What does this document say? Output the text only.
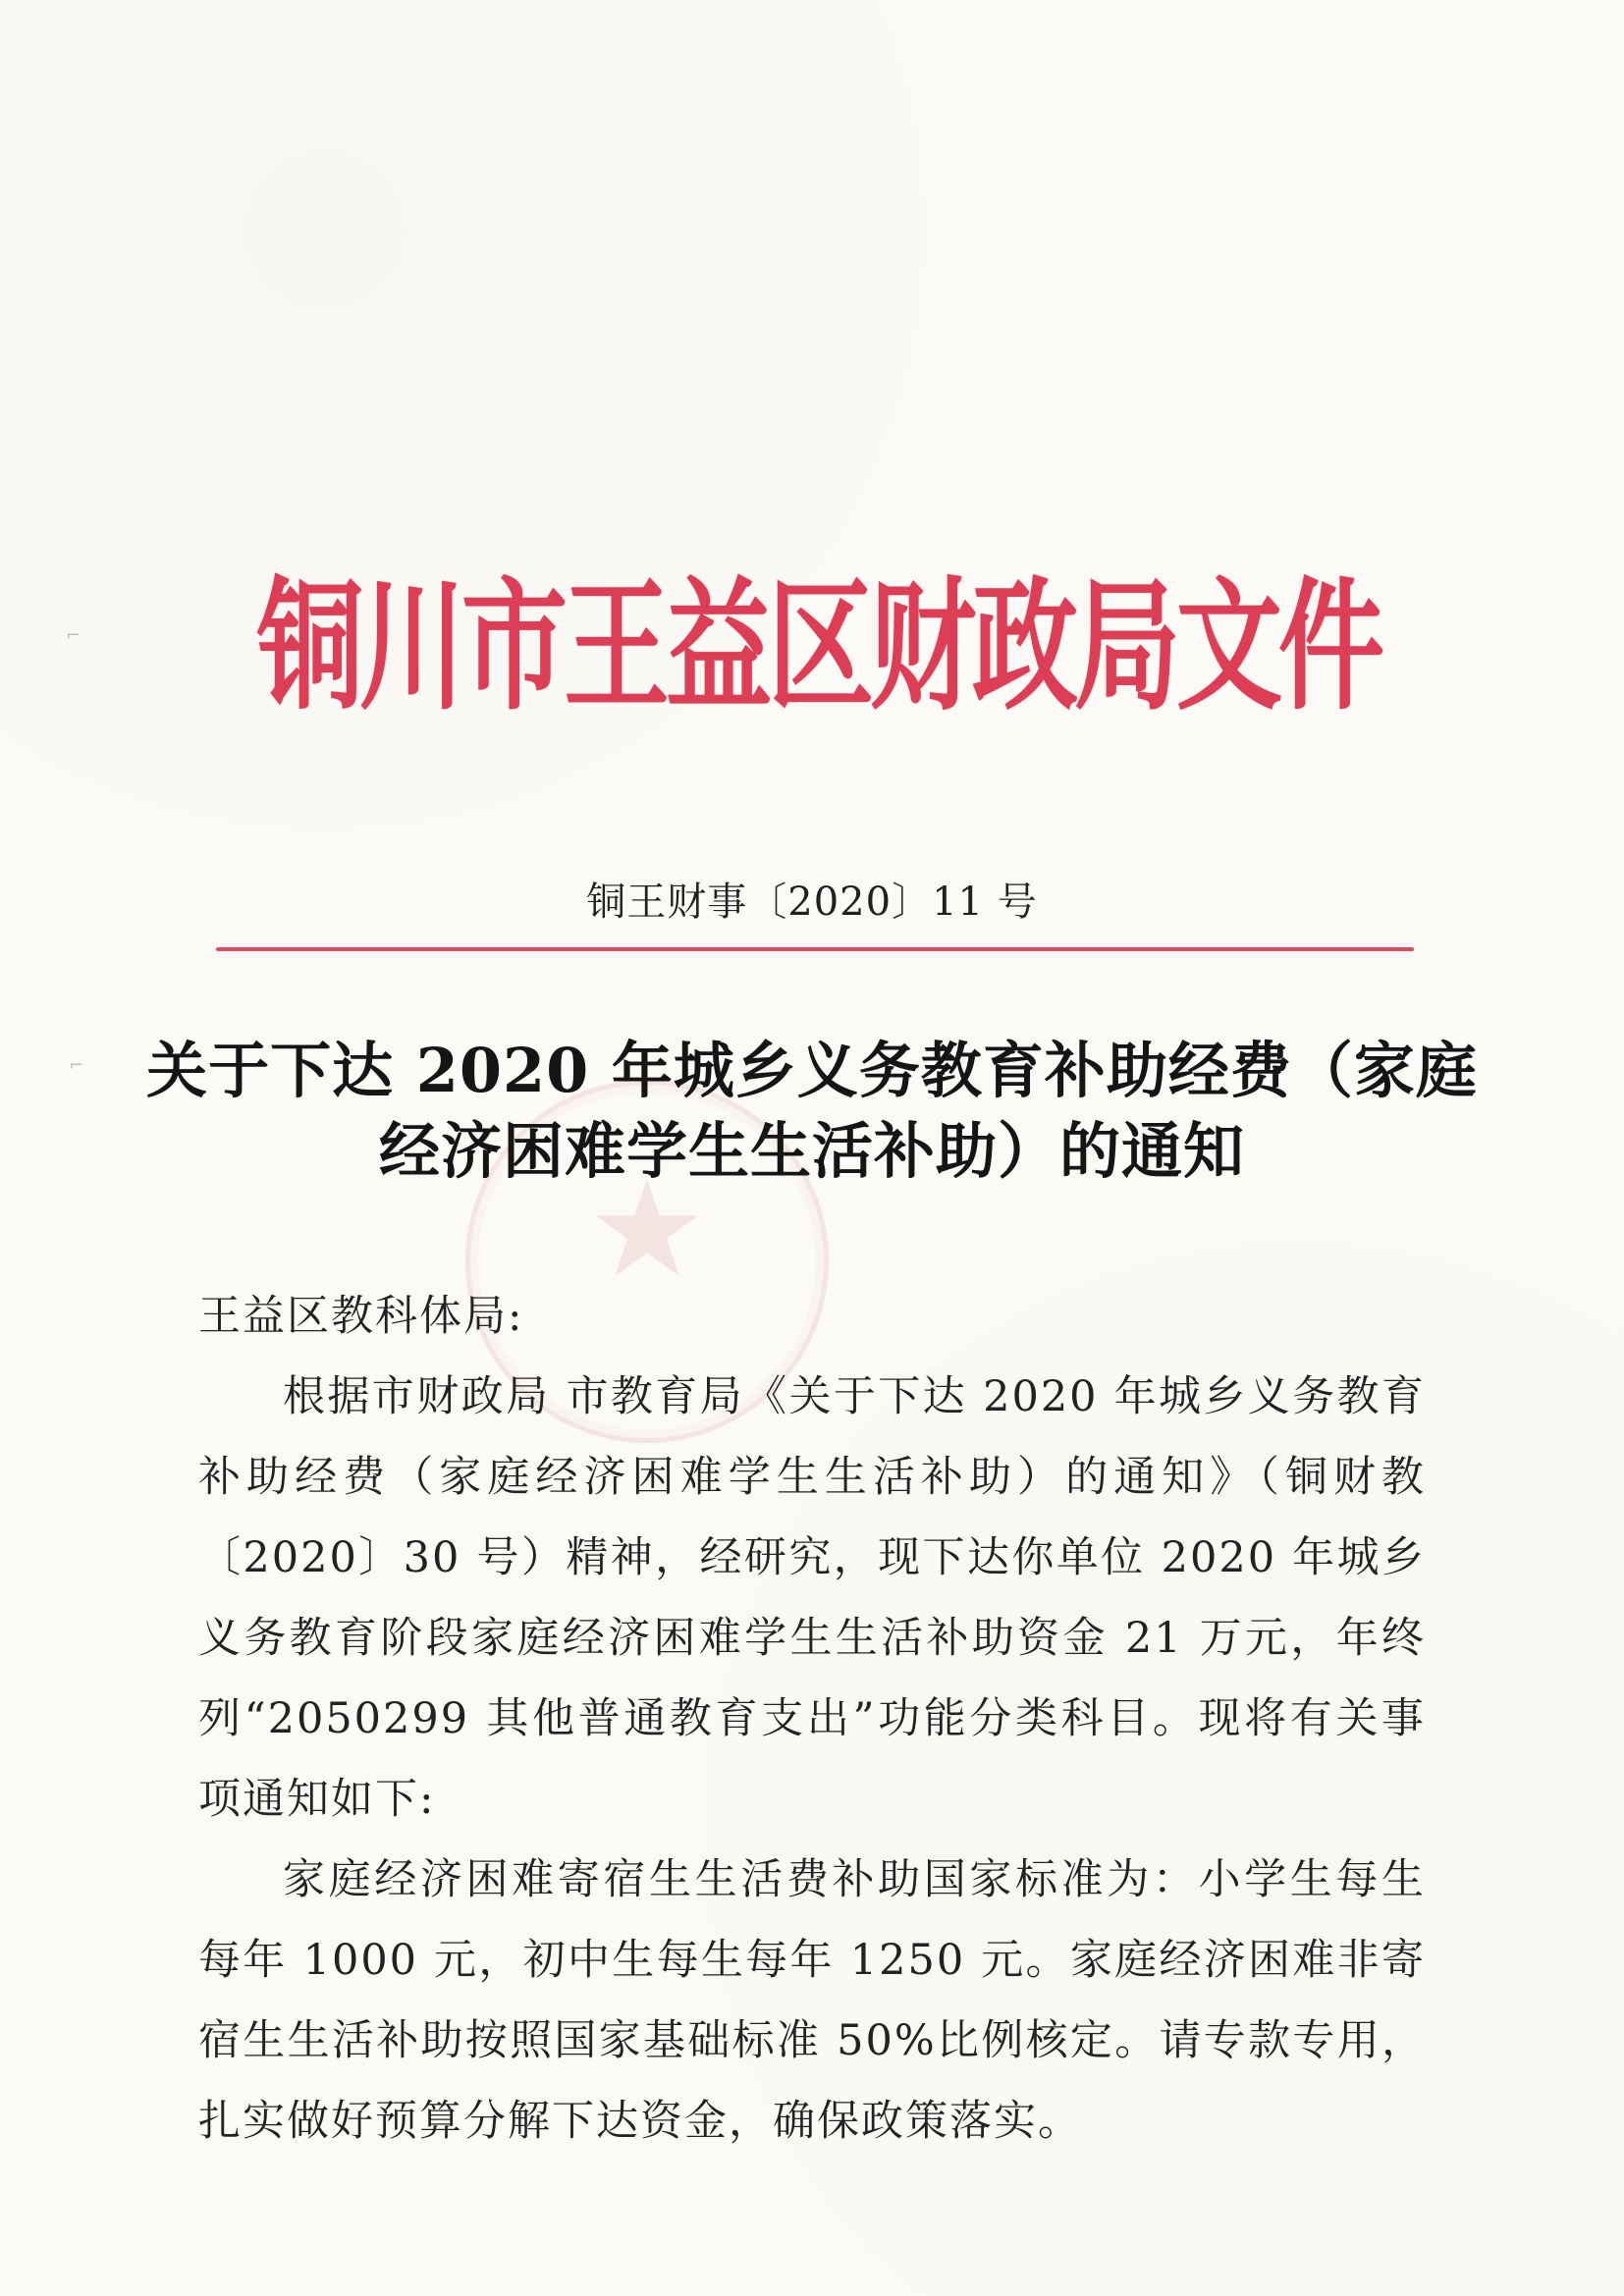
★
铜川市王益区财政局文件
铜王财事〔2020〕11 号
关于下达 2020 年城乡义务教育补助经费（家庭
经济困难学生生活补助）的通知

王益区教科体局:

根据市财政局 市教育局《关于下达 2020 年城乡义务教育补助经费（家庭经济困难学生生活补助）的通知》（铜财教〔2020〕30 号）精神，经研究，现下达你单位 2020 年城乡义务教育阶段家庭经济困难学生生活补助资金 21 万元，年终列“2050299 其他普通教育支出”功能分类科目。现将有关事项通知如下:

家庭经济困难寄宿生生活费补助国家标准为：小学生每生每年 1000 元，初中生每生每年 1250 元。家庭经济困难非寄宿生生活补助按照国家基础标准 50%比例核定。请专款专用，扎实做好预算分解下达资金，确保政策落实。

⌐
⌐
